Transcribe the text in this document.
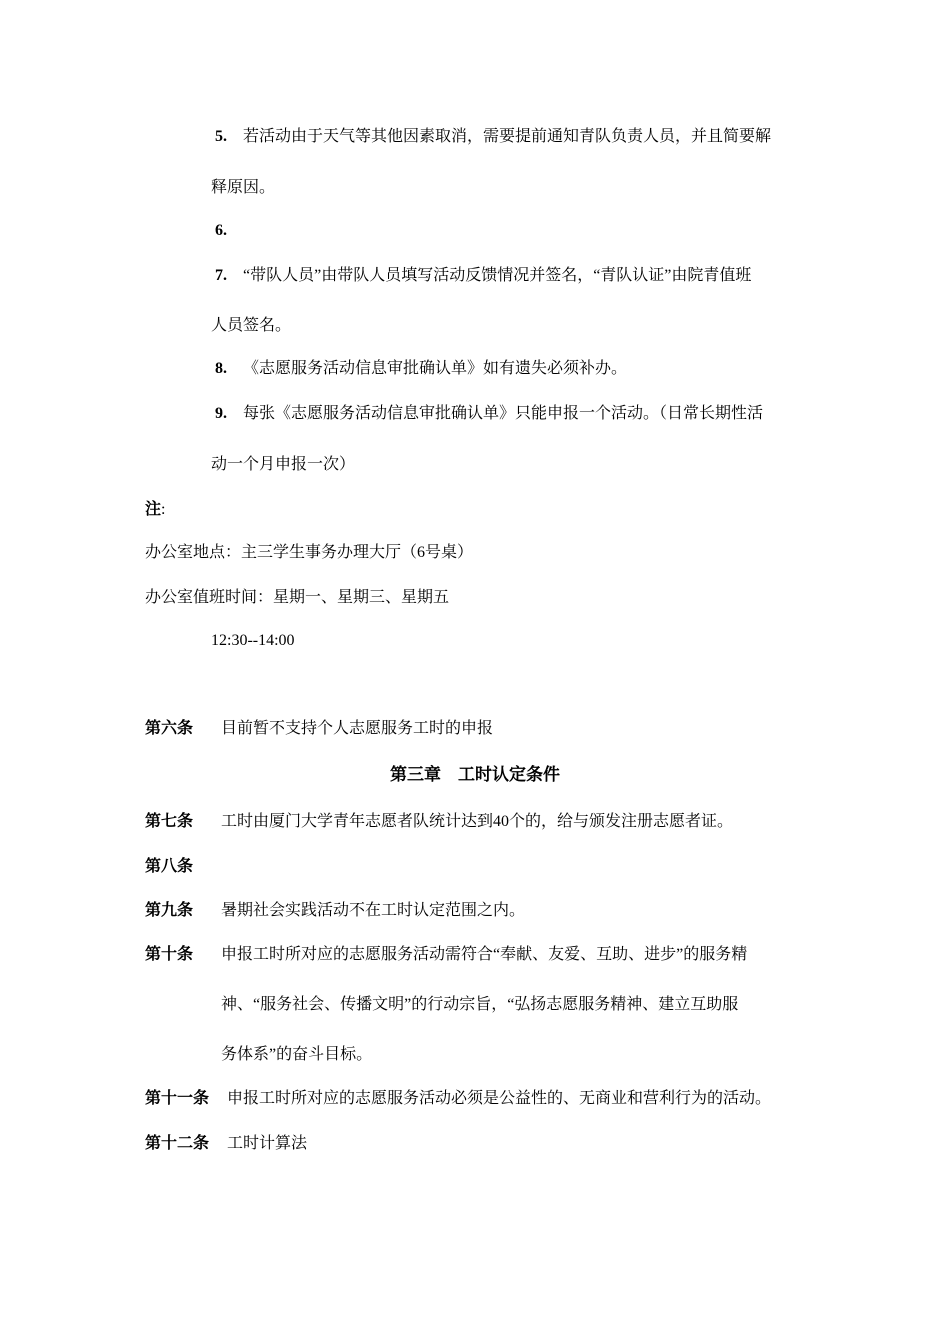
5. 若活动由于天气等其他因素取消，需要提前通知青队负责人员，并且简要解
释原因。
6.
7. “带队人员”由带队人员填写活动反馈情况并签名，“青队认证”由院青值班
人员签名。
8. 《志愿服务活动信息审批确认单》如有遗失必须补办。
9. 每张《志愿服务活动信息审批确认单》只能申报一个活动。（日常长期性活
动一个月申报一次）
注:
办公室地点：主三学生事务办理大厅（6号桌）
办公室值班时间：星期一、星期三、星期五
12:30--14:00
第六条 目前暂不支持个人志愿服务工时的申报
第三章　工时认定条件
第七条 工时由厦门大学青年志愿者队统计达到40个的，给与颁发注册志愿者证。
第八条
第九条 暑期社会实践活动不在工时认定范围之内。
第十条 申报工时所对应的志愿服务活动需符合“奉献、友爱、互助、进步”的服务精
神、“服务社会、传播文明”的行动宗旨，“弘扬志愿服务精神、建立互助服
务体系”的奋斗目标。
第十一条 申报工时所对应的志愿服务活动必须是公益性的、无商业和营利行为的活动。
第十二条 工时计算法
